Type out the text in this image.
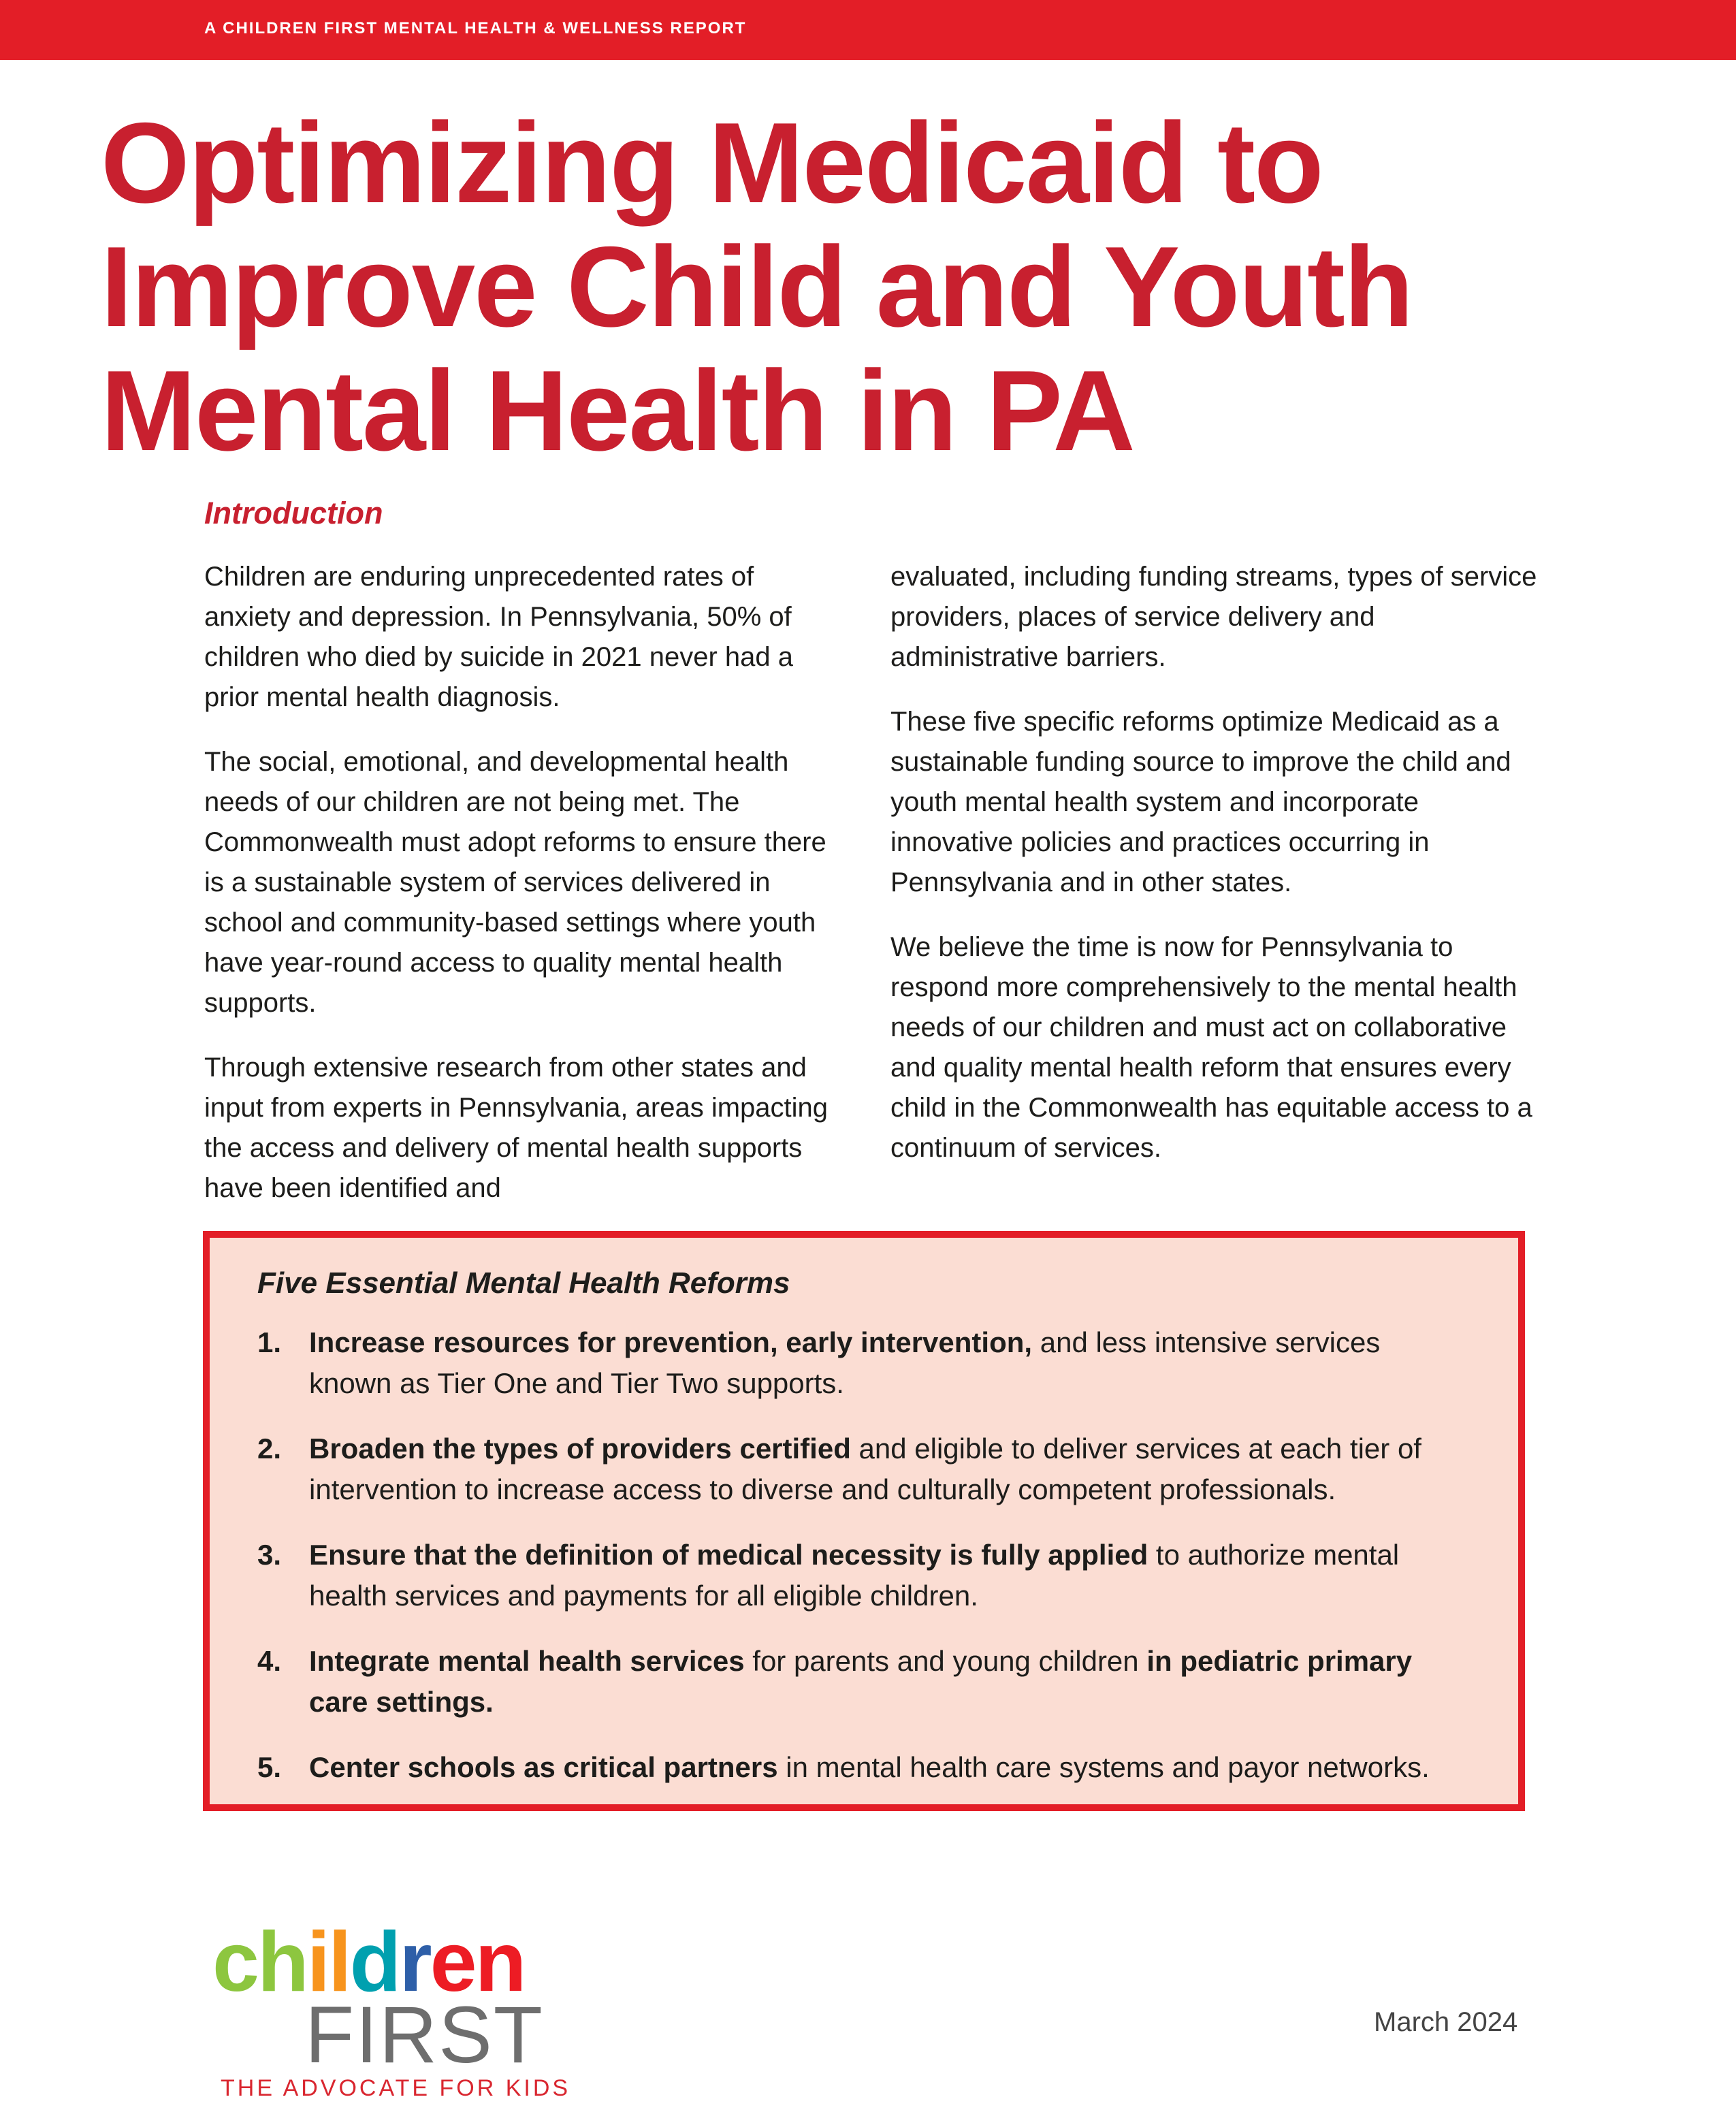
A CHILDREN FIRST MENTAL HEALTH & WELLNESS REPORT
Optimizing Medicaid to
Improve Child and Youth
Mental Health in PA
Introduction

Children are enduring unprecedented rates of anxiety and depression. In Pennsylvania, 50% of children who died by suicide in 2021 never had a prior mental health diagnosis.

The social, emotional, and developmental health needs of our children are not being met. The Commonwealth must adopt reforms to ensure there is a sustainable system of services delivered in school and community-based settings where youth have year-round access to quality mental health supports.

Through extensive research from other states and input from experts in Pennsylvania, areas impacting the access and delivery of mental health supports have been identified and

evaluated, including funding streams, types of service providers, places of service delivery and administrative barriers.

These five specific reforms optimize Medicaid as a sustainable funding source to improve the child and youth mental health system and incorporate innovative policies and practices occurring in Pennsylvania and in other states.

We believe the time is now for Pennsylvania to respond more comprehensively to the mental health needs of our children and must act on collaborative and quality mental health reform that ensures every child in the Commonwealth has equitable access to a continuum of services.

Five Essential Mental Health Reforms
1. Increase resources for prevention, early intervention, and less intensive services known as Tier One and Tier Two supports.
2. Broaden the types of providers certified and eligible to deliver services at each tier of intervention to increase access to diverse and culturally competent professionals.
3. Ensure that the definition of medical necessity is fully applied to authorize mental health services and payments for all eligible children.
4. Integrate mental health services for parents and young children in pediatric primary care settings.
5. Center schools as critical partners in mental health care systems and payor networks.
children
FIRST
THE ADVOCATE FOR KIDS
March 2024
